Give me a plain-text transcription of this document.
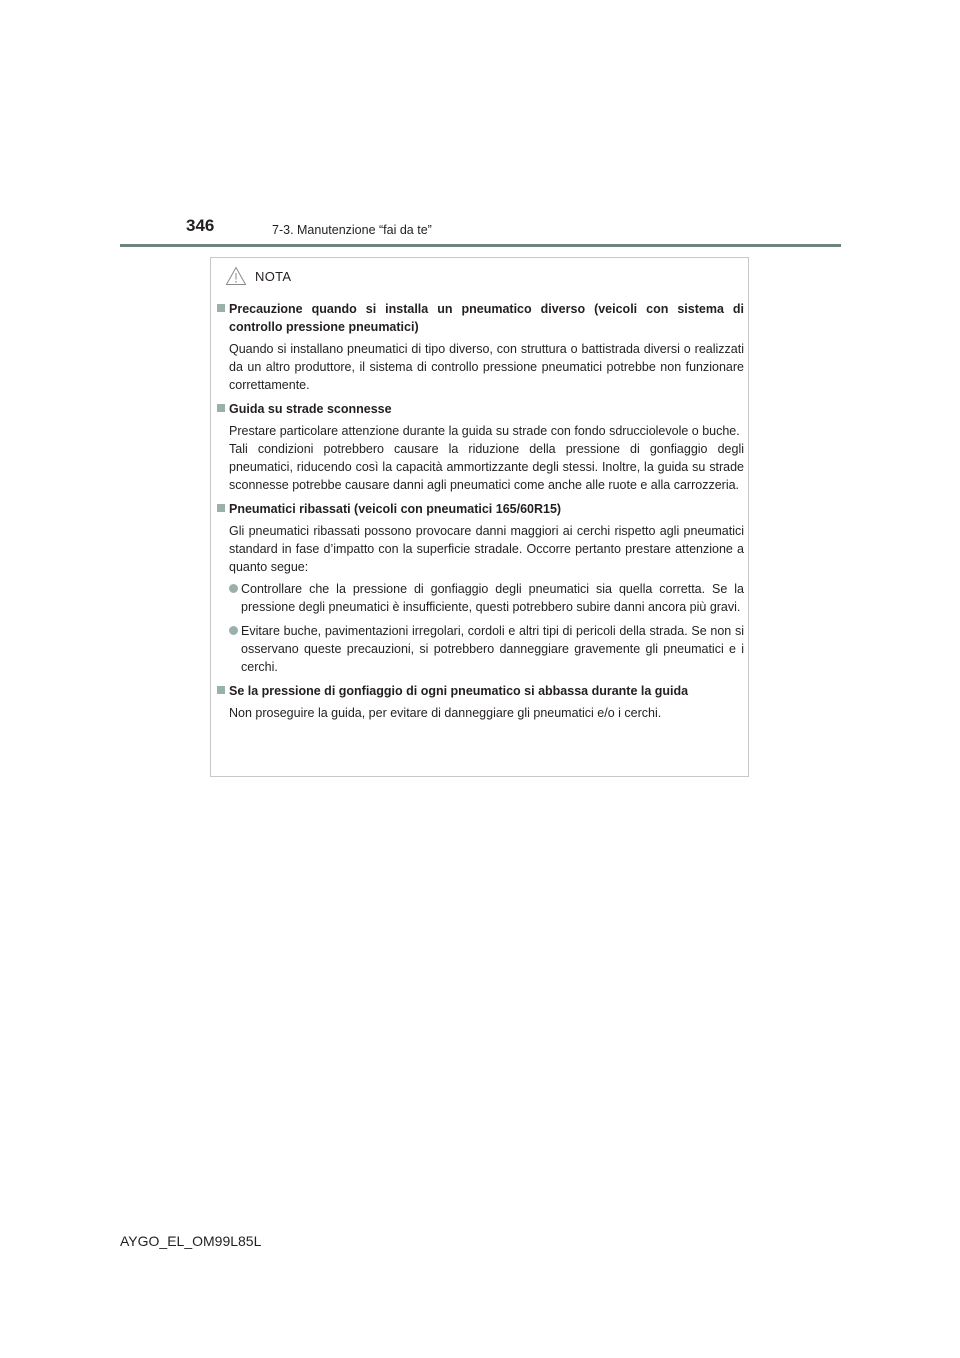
346	7-3. Manutenzione “fai da te”
NOTA
Precauzione quando si installa un pneumatico diverso (veicoli con sistema di controllo pressione pneumatici)

Quando si installano pneumatici di tipo diverso, con struttura o battistrada diversi o realizzati da un altro produttore, il sistema di controllo pressione pneumatici potrebbe non funzionare correttamente.

Guida su strade sconnesse

Prestare particolare attenzione durante la guida su strade con fondo sdrucciolevole o buche.

Tali condizioni potrebbero causare la riduzione della pressione di gonfiaggio degli pneumatici, riducendo così la capacità ammortizzante degli stessi. Inoltre, la guida su strade sconnesse potrebbe causare danni agli pneumatici come anche alle ruote e alla carrozzeria.

Pneumatici ribassati (veicoli con pneumatici 165/60R15)

Gli pneumatici ribassati possono provocare danni maggiori ai cerchi rispetto agli pneumatici standard in fase d’impatto con la superficie stradale. Occorre pertanto prestare attenzione a quanto segue:

Controllare che la pressione di gonfiaggio degli pneumatici sia quella corretta. Se la pressione degli pneumatici è insufficiente, questi potrebbero subire danni ancora più gravi.
Evitare buche, pavimentazioni irregolari, cordoli e altri tipi di pericoli della strada. Se non si osservano queste precauzioni, si potrebbero danneggiare gravemente gli pneumatici e i cerchi.
Se la pressione di gonfiaggio di ogni pneumatico si abbassa durante la guida

Non proseguire la guida, per evitare di danneggiare gli pneumatici e/o i cerchi.

AYGO_EL_OM99L85L
